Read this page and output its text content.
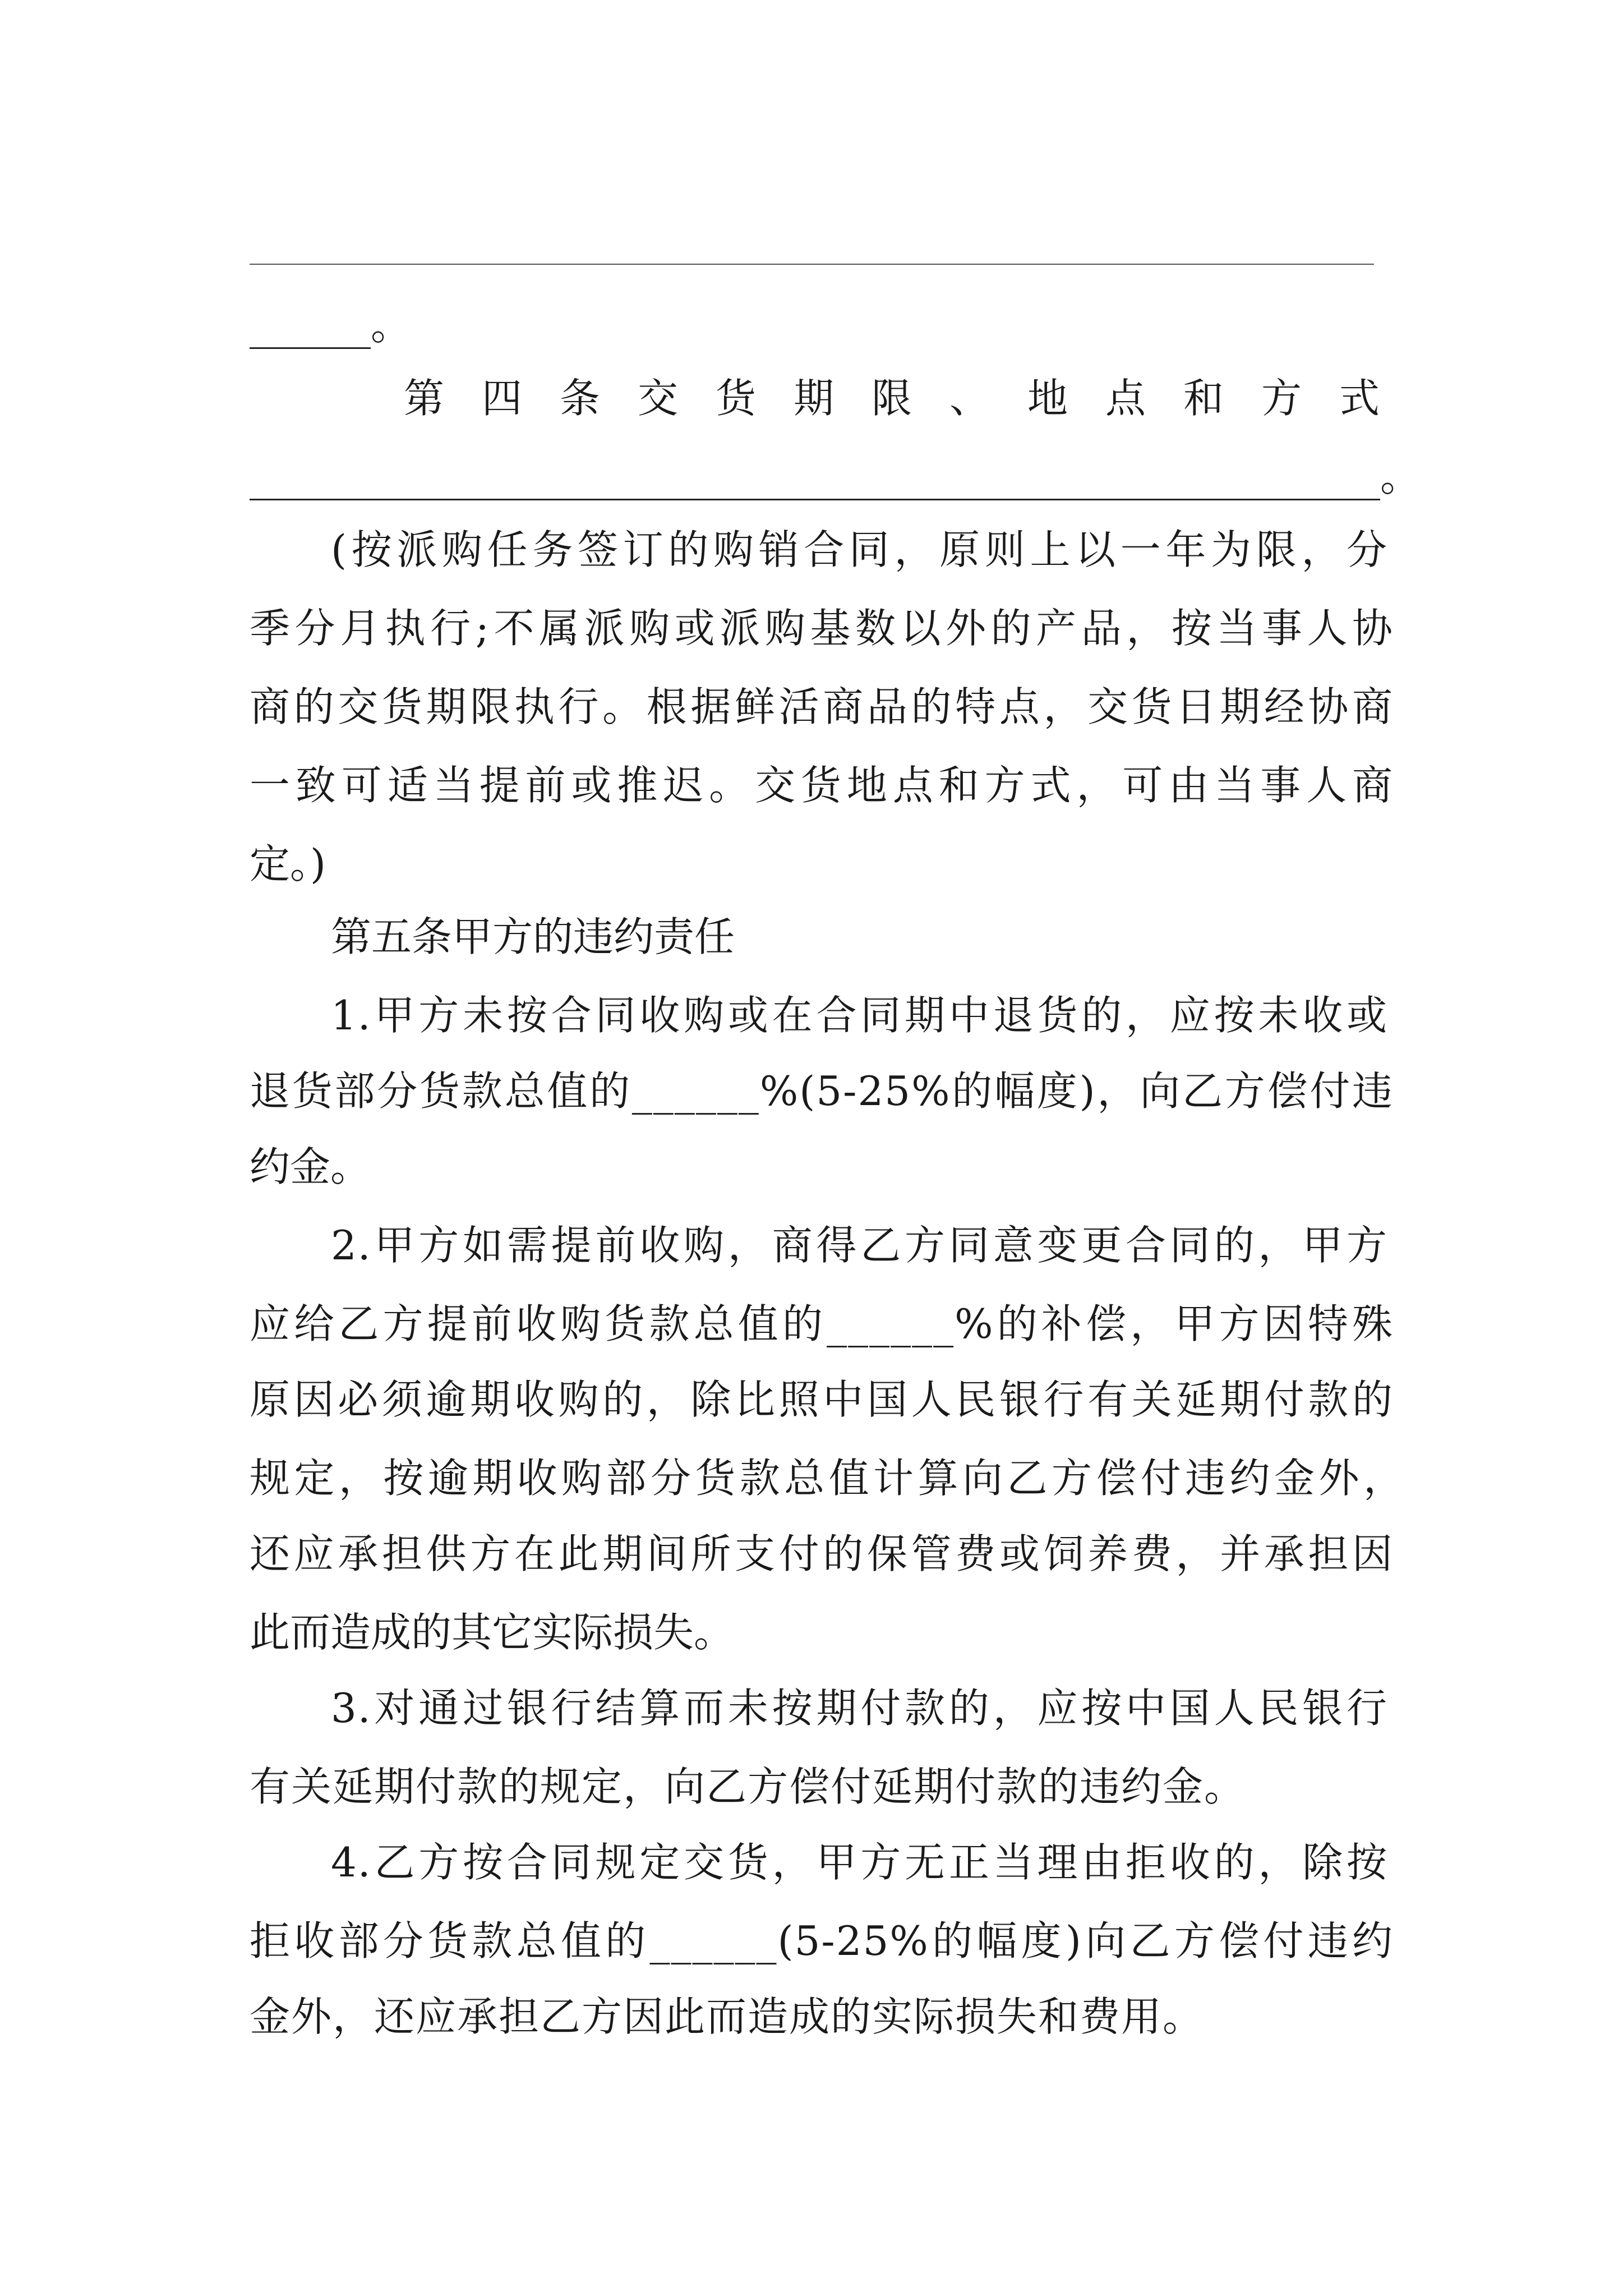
______。
第四条交货期限、地点和方式
________________________________________________________。
(按派购任务签订的购销合同，原则上以一年为限，分
季分月执行;不属派购或派购基数以外的产品，按当事人协
商的交货期限执行。根据鲜活商品的特点，交货日期经协商
一致可适当提前或推迟。交货地点和方式，可由当事人商
定。)
第五条甲方的违约责任
1.甲方未按合同收购或在合同期中退货的，应按未收或
退货部分货款总值的______%(5-25%的幅度)，向乙方偿付违
约金。
2.甲方如需提前收购，商得乙方同意变更合同的，甲方
应给乙方提前收购货款总值的______%的补偿，甲方因特殊
原因必须逾期收购的，除比照中国人民银行有关延期付款的
规定，按逾期收购部分货款总值计算向乙方偿付违约金外，
还应承担供方在此期间所支付的保管费或饲养费，并承担因
此而造成的其它实际损失。
3.对通过银行结算而未按期付款的，应按中国人民银行
有关延期付款的规定，向乙方偿付延期付款的违约金。
4.乙方按合同规定交货，甲方无正当理由拒收的，除按
拒收部分货款总值的______(5-25%的幅度)向乙方偿付违约
金外，还应承担乙方因此而造成的实际损失和费用。
